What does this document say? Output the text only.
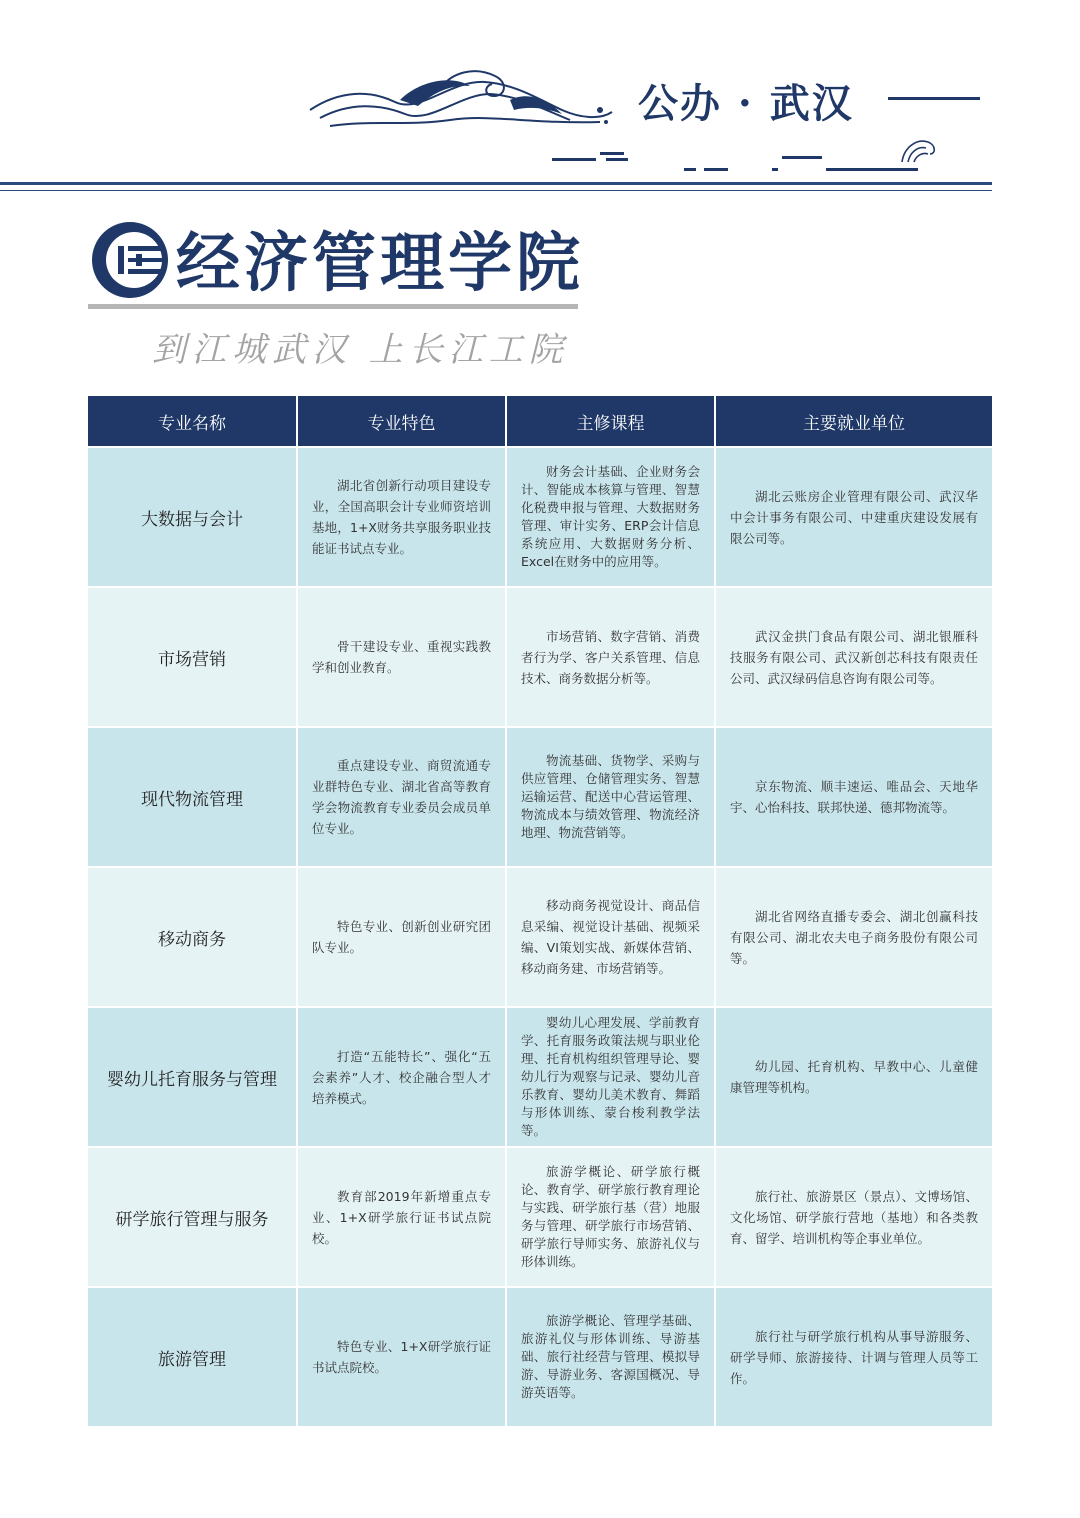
公办 · 武汉
经济管理学院
到江城武汉 上长江工院
专业名称	专业特色	主修课程	主要就业单位
大数据与会计	湖北省创新行动项目建设专业，全国高职会计专业师资培训基地，1+X财务共享服务职业技能证书试点专业。	财务会计基础、企业财务会计、智能成本核算与管理、智慧化税费申报与管理、大数据财务管理、审计实务、ERP会计信息系统应用、大数据财务分析、Excel在财务中的应用等。	湖北云账房企业管理有限公司、武汉华中会计事务有限公司、中建重庆建设发展有限公司等。
市场营销	骨干建设专业、重视实践教学和创业教育。	市场营销、数字营销、消费者行为学、客户关系管理、信息技术、商务数据分析等。	武汉金拱门食品有限公司、湖北银雁科技服务有限公司、武汉新创芯科技有限责任公司、武汉绿码信息咨询有限公司等。
现代物流管理	重点建设专业、商贸流通专业群特色专业、湖北省高等教育学会物流教育专业委员会成员单位专业。	物流基础、货物学、采购与供应管理、仓储管理实务、智慧运输运营、配送中心营运管理、物流成本与绩效管理、物流经济地理、物流营销等。	京东物流、顺丰速运、唯品会、天地华宇、心怡科技、联邦快递、德邦物流等。
移动商务	特色专业、创新创业研究团队专业。	移动商务视觉设计、商品信息采编、视觉设计基础、视频采编、VI策划实战、新媒体营销、移动商务建、市场营销等。	湖北省网络直播专委会、湖北创赢科技有限公司、湖北农夫电子商务股份有限公司等。
婴幼儿托育服务与管理	打造“五能特长”、强化“五会素养”人才、校企融合型人才培养模式。	婴幼儿心理发展、学前教育学、托育服务政策法规与职业伦理、托育机构组织管理导论、婴幼儿行为观察与记录、婴幼儿音乐教育、婴幼儿美术教育、舞蹈与形体训练、蒙台梭利教学法等。	幼儿园、托育机构、早教中心、儿童健康管理等机构。
研学旅行管理与服务	教育部2019年新增重点专业、1+X研学旅行证书试点院校。	旅游学概论、研学旅行概论、教育学、研学旅行教育理论与实践、研学旅行基（营）地服务与管理、研学旅行市场营销、研学旅行导师实务、旅游礼仪与形体训练。	旅行社、旅游景区（景点）、文博场馆、文化场馆、研学旅行营地（基地）和各类教育、留学、培训机构等企事业单位。
旅游管理	特色专业、1+X研学旅行证书试点院校。	旅游学概论、管理学基础、旅游礼仪与形体训练、导游基础、旅行社经营与管理、模拟导游、导游业务、客源国概况、导游英语等。	旅行社与研学旅行机构从事导游服务、研学导师、旅游接待、计调与管理人员等工作。
